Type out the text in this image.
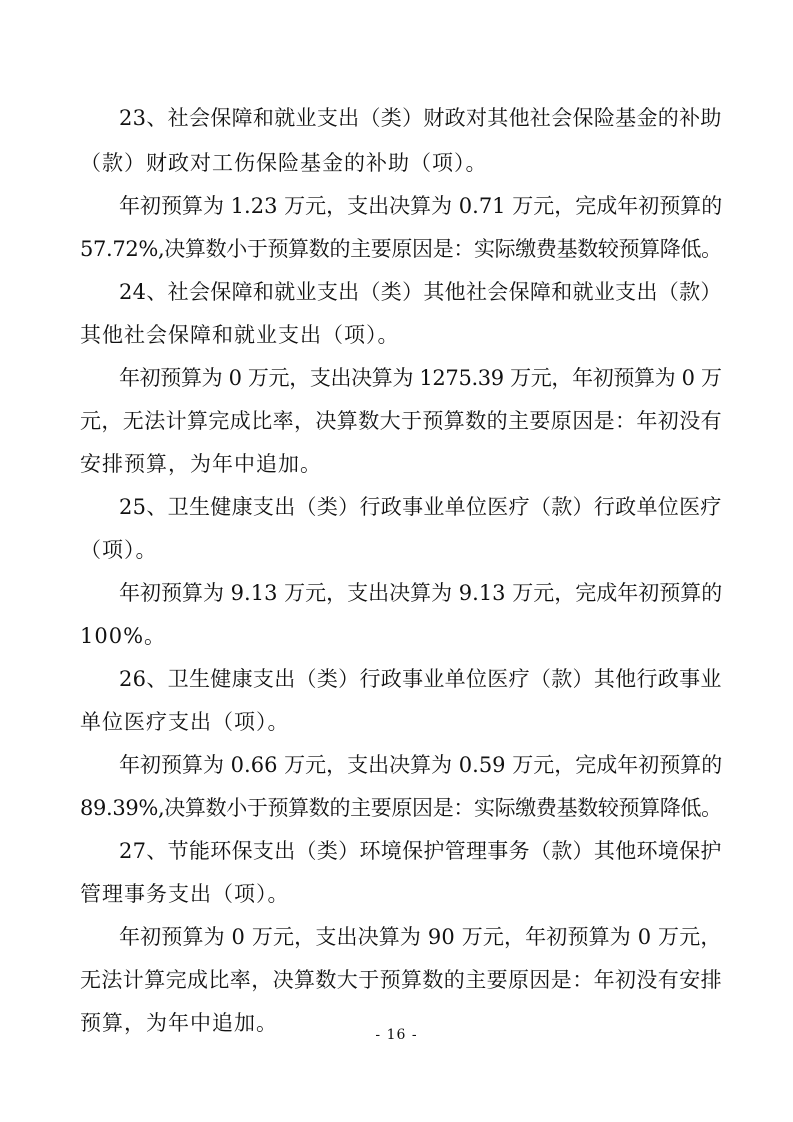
23、社会保障和就业支出（类）财政对其他社会保险基金的补助
（款）财政对工伤保险基金的补助（项）。
年初预算为 1.23 万元，支出决算为 0.71 万元，完成年初预算的
57.72%,决算数小于预算数的主要原因是：实际缴费基数较预算降低。
24、社会保障和就业支出（类）其他社会保障和就业支出（款）
其他社会保障和就业支出（项）。
年初预算为 0 万元，支出决算为 1275.39 万元，年初预算为 0 万
元，无法计算完成比率，决算数大于预算数的主要原因是：年初没有
安排预算，为年中追加。
25、卫生健康支出（类）行政事业单位医疗（款）行政单位医疗
（项）。
年初预算为 9.13 万元，支出决算为 9.13 万元，完成年初预算的
100%。
26、卫生健康支出（类）行政事业单位医疗（款）其他行政事业
单位医疗支出（项）。
年初预算为 0.66 万元，支出决算为 0.59 万元，完成年初预算的
89.39%,决算数小于预算数的主要原因是：实际缴费基数较预算降低。
27、节能环保支出（类）环境保护管理事务（款）其他环境保护
管理事务支出（项）。
年初预算为 0 万元，支出决算为 90 万元，年初预算为 0 万元，
无法计算完成比率，决算数大于预算数的主要原因是：年初没有安排
预算，为年中追加。	- 16 -
